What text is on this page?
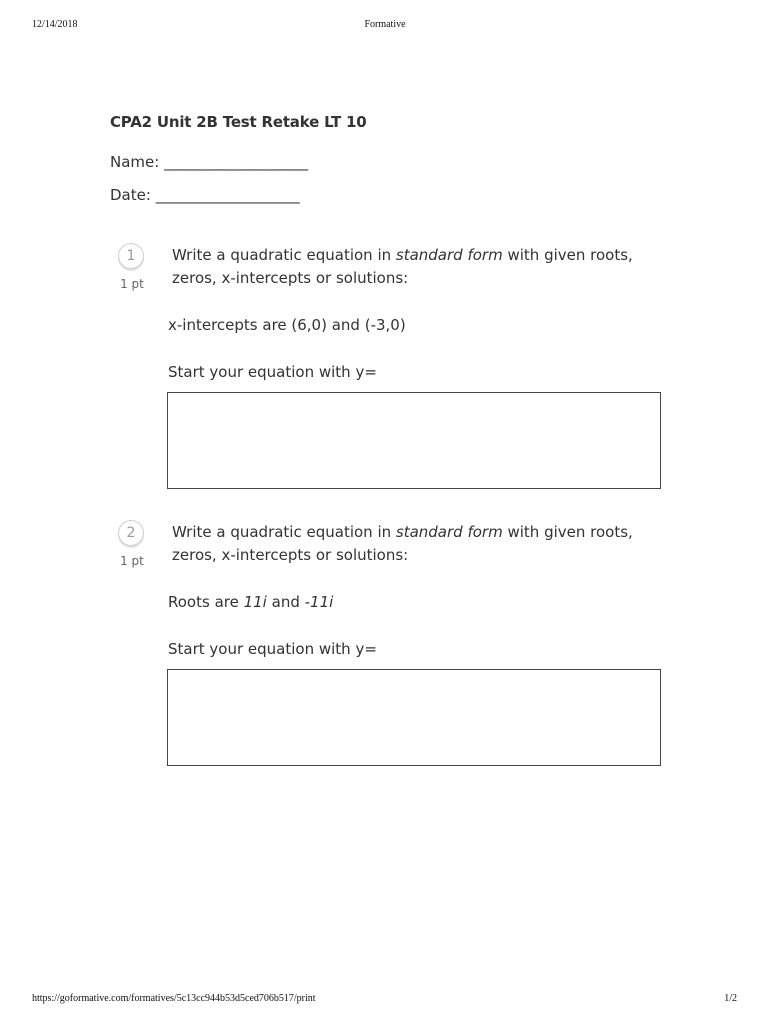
12/14/2018	Formative
CPA2 Unit 2B Test Retake LT 10
Name: ______________________
Date: ______________________
1
1 pt

Write a quadratic equation in standard form with given roots, zeros, x-intercepts or solutions:

x-intercepts are (6,0) and (-3,0)

Start your equation with y=

2
1 pt

Write a quadratic equation in standard form with given roots, zeros, x-intercepts or solutions:

Roots are 11i and -11i

Start your equation with y=

https://goformative.com/formatives/5c13cc944b53d5ced706b517/print	1/2
